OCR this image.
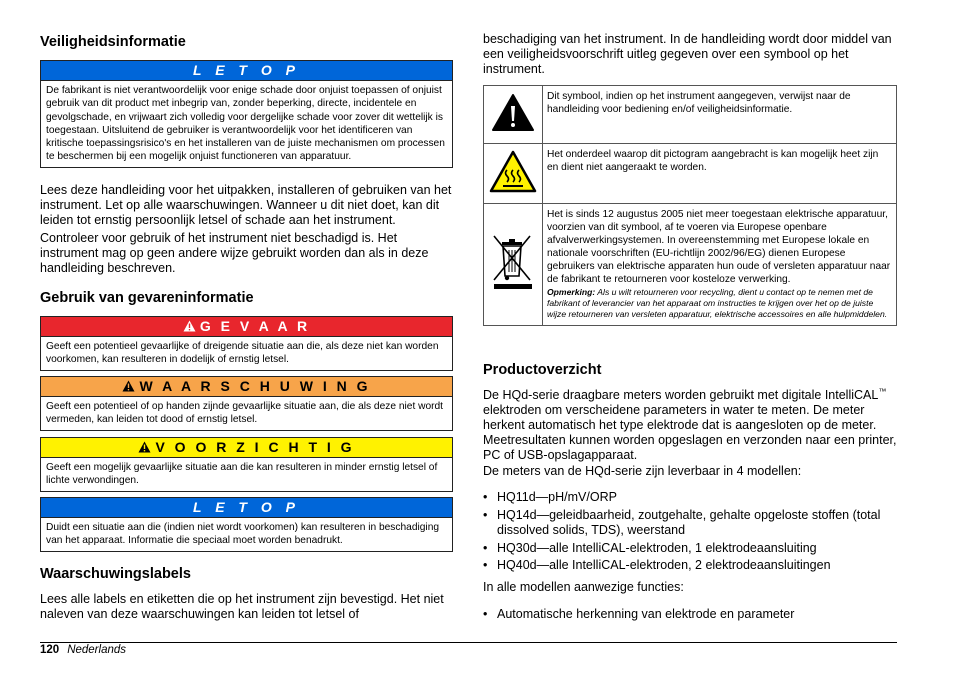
Veiligheidsinformatie
L E T O P
De fabrikant is niet verantwoordelijk voor enige schade door onjuist toepassen of onjuist gebruik van dit product met inbegrip van, zonder beperking, directe, incidentele en gevolgschade, en vrijwaart zich volledig voor dergelijke schade voor zover dit wettelijk is toegestaan. Uitsluitend de gebruiker is verantwoordelijk voor het identificeren van kritische toepassingsrisico's en het installeren van de juiste mechanismen om processen te beschermen bij een mogelijk onjuist functioneren van apparatuur.

Lees deze handleiding voor het uitpakken, installeren of gebruiken van het instrument. Let op alle waarschuwingen. Wanneer u dit niet doet, kan dit leiden tot ernstig persoonlijk letsel of schade aan het instrument.

Controleer voor gebruik of het instrument niet beschadigd is. Het instrument mag op geen andere wijze gebruikt worden dan als in deze handleiding beschreven.

Gebruik van gevareninformatie
G E V A A R
Geeft een potentieel gevaarlijke of dreigende situatie aan die, als deze niet kan worden voorkomen, kan resulteren in dodelijk of ernstig letsel.
W A A R S C H U W I N G
Geeft een potentieel of op handen zijnde gevaarlijke situatie aan, die als deze niet wordt vermeden, kan leiden tot dood of ernstig letsel.
V O O R Z I C H T I G
Geeft een mogelijk gevaarlijke situatie aan die kan resulteren in minder ernstig letsel of lichte verwondingen.
L E T O P
Duidt een situatie aan die (indien niet wordt voorkomen) kan resulteren in beschadiging van het apparaat. Informatie die speciaal moet worden benadrukt.
Waarschuwingslabels

Lees alle labels en etiketten die op het instrument zijn bevestigd. Het niet naleven van deze waarschuwingen kan leiden tot letsel of

beschadiging van het instrument. In de handleiding wordt door middel van een veiligheidsvoorschrift uitleg gegeven over een symbool op het instrument.

	Dit symbool, indien op het instrument aangegeven, verwijst naar de handleiding voor bediening en/of veiligheidsinformatie.
	Het onderdeel waarop dit pictogram aangebracht is kan mogelijk heet zijn en dient niet aangeraakt te worden.

Het is sinds 12 augustus 2005 niet meer toegestaan elektrische apparatuur, voorzien van dit symbool, af te voeren via Europese openbare afvalverwerkingsystemen. In overeenstemming met Europese lokale en nationale voorschriften (EU-richtlijn 2002/96/EG) dienen Europese gebruikers van elektrische apparaten hun oude of versleten apparatuur naar de fabrikant te retourneren voor kosteloze verwerking.
Opmerking: Als u wilt retourneren voor recycling, dient u contact op te nemen met de fabrikant of leverancier van het apparaat om instructies te krijgen over het op de juiste wijze retourneren van versleten apparatuur, elektrische accessoires en alle hulpmiddelen.
Productoverzicht

De HQd-serie draagbare meters worden gebruikt met digitale IntelliCAL™ elektroden om verscheidene parameters in water te meten. De meter herkent automatisch het type elektrode dat is aangesloten op de meter. Meetresultaten kunnen worden opgeslagen en verzonden naar een printer, PC of USB-opslagapparaat.

De meters van de HQd-serie zijn leverbaar in 4 modellen:

• HQ11d—pH/mV/ORP
• HQ14d—geleidbaarheid, zoutgehalte, gehalte opgeloste stoffen (total dissolved solids, TDS), weerstand
• HQ30d—alle IntelliCAL-elektroden, 1 elektrodeaansluiting
• HQ40d—alle IntelliCAL-elektroden, 2 elektrodeaansluitingen

In alle modellen aanwezige functies:

• Automatische herkenning van elektrode en parameter
120 Nederlands
